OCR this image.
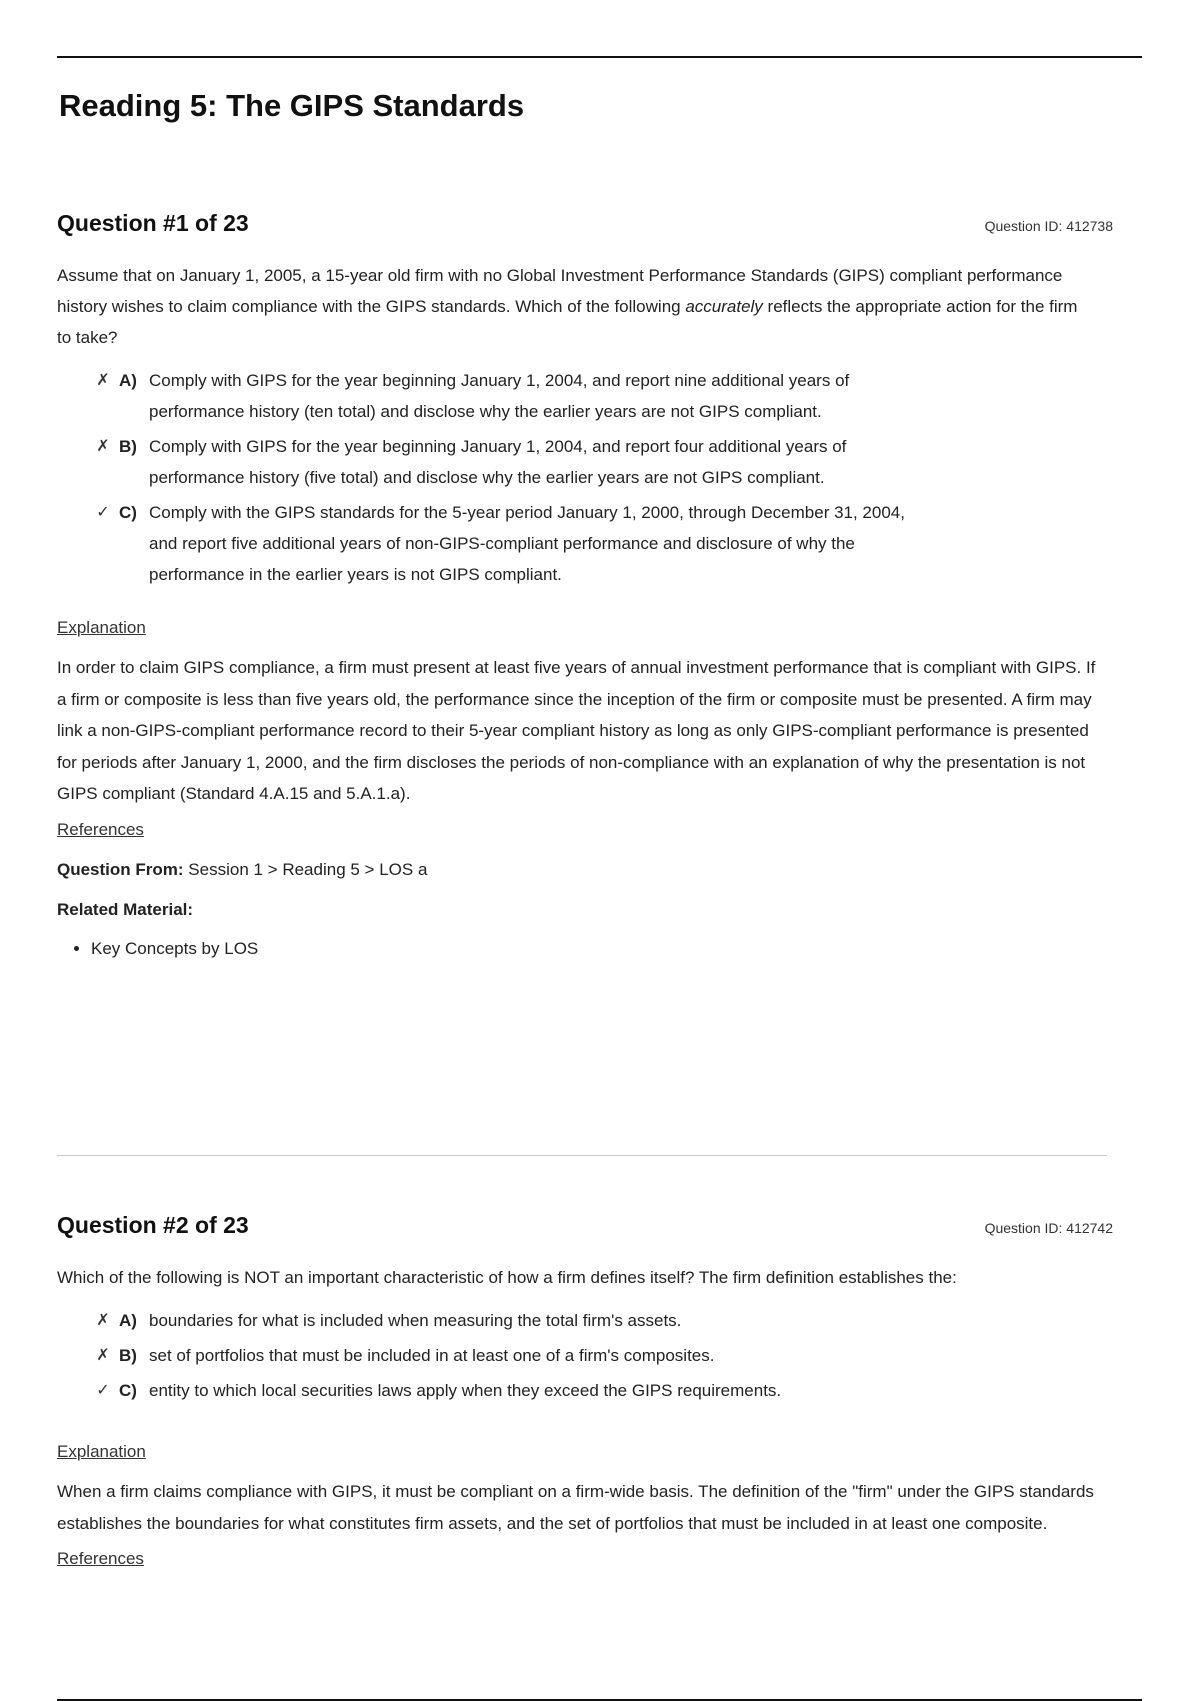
Reading 5: The GIPS Standards
Question #1 of 23	Question ID: 412738

Assume that on January 1, 2005, a 15-year old firm with no Global Investment Performance Standards (GIPS) compliant performance history wishes to claim compliance with the GIPS standards. Which of the following accurately reflects the appropriate action for the firm to take?

✗ A) Comply with GIPS for the year beginning January 1, 2004, and report nine additional years of performance history (ten total) and disclose why the earlier years are not GIPS compliant.
✗ B) Comply with GIPS for the year beginning January 1, 2004, and report four additional years of performance history (five total) and disclose why the earlier years are not GIPS compliant.
✓ C) Comply with the GIPS standards for the 5-year period January 1, 2000, through December 31, 2004, and report five additional years of non-GIPS-compliant performance and disclosure of why the performance in the earlier years is not GIPS compliant.
Explanation

In order to claim GIPS compliance, a firm must present at least five years of annual investment performance that is compliant with GIPS. If a firm or composite is less than five years old, the performance since the inception of the firm or composite must be presented. A firm may link a non-GIPS-compliant performance record to their 5-year compliant history as long as only GIPS-compliant performance is presented for periods after January 1, 2000, and the firm discloses the periods of non-compliance with an explanation of why the presentation is not GIPS compliant (Standard 4.A.15 and 5.A.1.a).

References

Question From: Session 1 > Reading 5 > LOS a

Related Material:

• Key Concepts by LOS
Question #2 of 23	Question ID: 412742

Which of the following is NOT an important characteristic of how a firm defines itself? The firm definition establishes the:

✗ A) boundaries for what is included when measuring the total firm's assets.
✗ B) set of portfolios that must be included in at least one of a firm's composites.
✓ C) entity to which local securities laws apply when they exceed the GIPS requirements.
Explanation

When a firm claims compliance with GIPS, it must be compliant on a firm-wide basis. The definition of the "firm" under the GIPS standards establishes the boundaries for what constitutes firm assets, and the set of portfolios that must be included in at least one composite.

References
